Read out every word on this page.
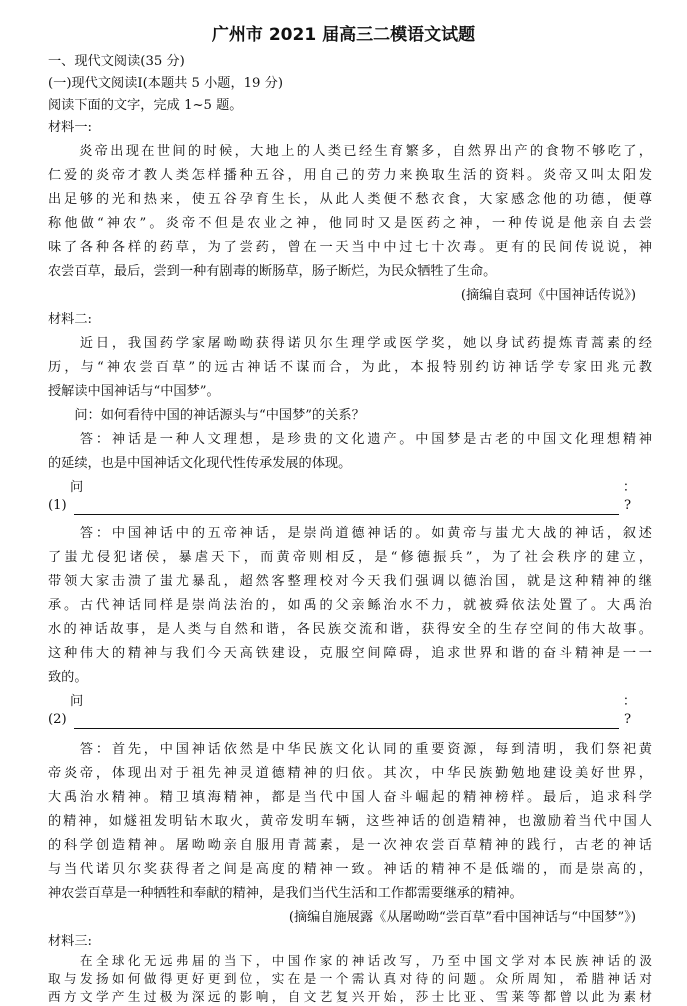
广州市 2021 届高三二模语文试题
一、现代文阅读(35 分)
(一)现代文阅读Ⅰ(本题共 5 小题，19 分)
阅读下面的文字，完成 1~5 题。
材料一:
　　炎帝出现在世间的时候，大地上的人类已经生育繁多，自然界出产的食物不够吃了，
仁爱的炎帝才教人类怎样播种五谷，用自己的劳力来换取生活的资料。炎帝又叫太阳发
出足够的光和热来，使五谷孕育生长，从此人类便不愁衣食，大家感念他的功德，便尊
称他做“神农”。炎帝不但是农业之神，他同时又是医药之神，一种传说是他亲自去尝
味了各种各样的药草，为了尝药，曾在一天当中中过七十次毒。更有的民间传说说，神
农尝百草，最后，尝到一种有剧毒的断肠草，肠子断烂，为民众牺牲了生命。
(摘编自袁珂《中国神话传说》)
材料二:
　　近日，我国药学家屠呦呦获得诺贝尔生理学或医学奖，她以身试药提炼青蒿素的经
历，与“神农尝百草”的远古神话不谋而合，为此，本报特别约访神话学专家田兆元教
授解读中国神话与“中国梦”。
　　问：如何看待中国的神话源头与“中国梦”的关系？
　　答：神话是一种人文理想，是珍贵的文化遗产。中国梦是古老的中国文化理想精神
的延续，也是中国神话文化现代性传承发展的体现。
问	：
(1)	?
　　答：中国神话中的五帝神话，是崇尚道德神话的。如黄帝与蚩尤大战的神话，叙述
了蚩尤侵犯诸侯，暴虐天下，而黄帝则相反，是“修德振兵”，为了社会秩序的建立，
带领大家击溃了蚩尤暴乱，超然客整理校对今天我们强调以德治国，就是这种精神的继
承。古代神话同样是崇尚法治的，如禹的父亲鲧治水不力，就被舜依法处置了。大禹治
水的神话故事，是人类与自然和谐，各民族交流和谐，获得安全的生存空间的伟大故事。
这种伟大的精神与我们今天高铁建设，克服空间障碍，追求世界和谐的奋斗精神是一一
致的。
问	：
(2)	?
　　答：首先，中国神话依然是中华民族文化认同的重要资源，每到清明，我们祭祀黄
帝炎帝，体现出对于祖先神灵道德精神的归依。其次，中华民族勤勉地建设美好世界，
大禹治水精神。精卫填海精神，都是当代中国人奋斗崛起的精神榜样。最后，追求科学
的精神，如燧祖发明钻木取火，黄帝发明车辆，这些神话的创造精神，也激励着当代中国人
的科学创造精神。屠呦呦亲自服用青蒿素，是一次神农尝百草精神的践行，古老的神话
与当代诺贝尔奖获得者之间是高度的精神一致。神话的精神不是低端的，而是崇高的，
神农尝百草是一种牺牲和奉献的精神，是我们当代生活和工作都需要继承的精神。
(摘编自施展露《从屠呦呦“尝百草”看中国神话与“中国梦”》)
材料三:
　　在全球化无远弗届的当下，中国作家的神话改写，乃至中国文学对本民族神话的汲
取与发扬如何做得更好更到位，实在是一个需认真对待的问题。众所周知，希腊神话对
西方文学产生过极为深远的影响，自文艺复兴开始，莎士比亚、雪莱等都曾以此为素材
